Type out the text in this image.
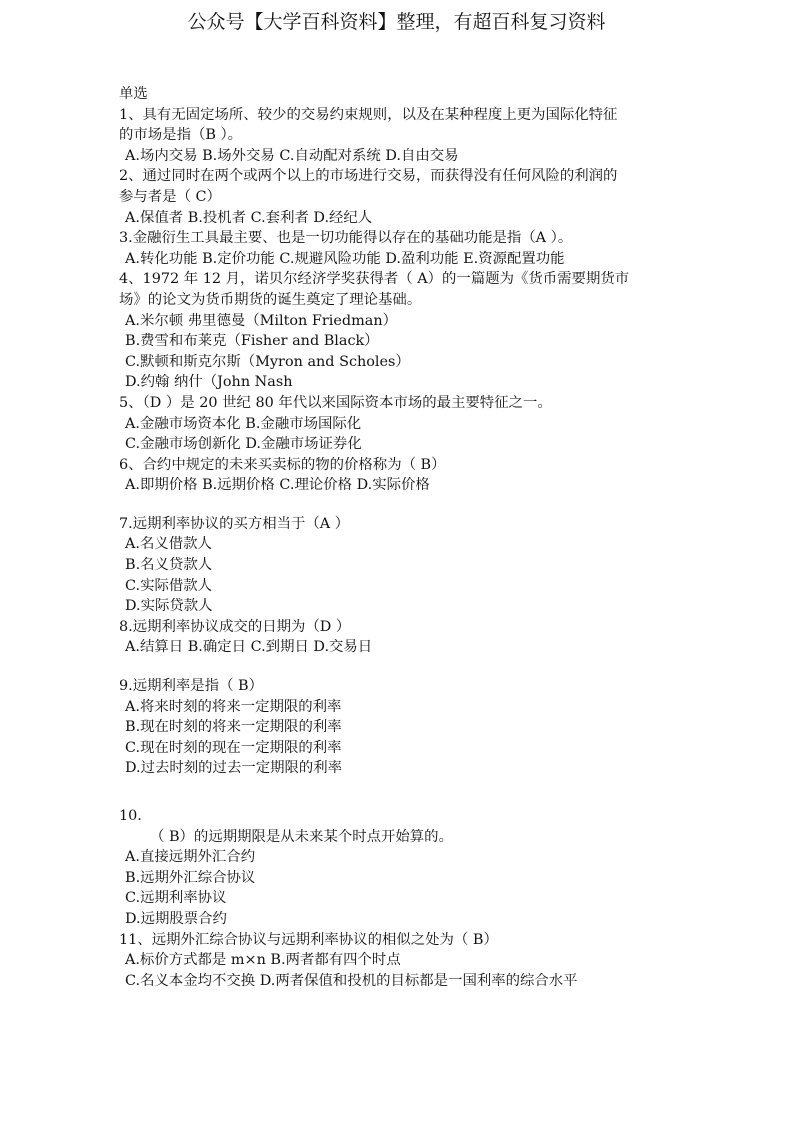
公众号【大学百科资料】整理，有超百科复习资料
单选
1、具有无固定场所、较少的交易约束规则，以及在某种程度上更为国际化特征
的市场是指（B ）。
A.场内交易 B.场外交易 C.自动配对系统 D.自由交易
2、通过同时在两个或两个以上的市场进行交易，而获得没有任何风险的利润的
参与者是（ C）
A.保值者 B.投机者 C.套利者 D.经纪人
3.金融衍生工具最主要、也是一切功能得以存在的基础功能是指（A ）。
A.转化功能 B.定价功能 C.规避风险功能 D.盈利功能 E.资源配置功能
4、1972 年 12 月，诺贝尔经济学奖获得者（ A）的一篇题为《货币需要期货市
场》的论文为货币期货的诞生奠定了理论基础。
A.米尔顿 弗里德曼（Milton Friedman）
B.费雪和布莱克（Fisher and Black）
C.默顿和斯克尔斯（Myron and Scholes）
D.约翰 纳什（John Nash
5、（D ）是 20 世纪 80 年代以来国际资本市场的最主要特征之一。
A.金融市场资本化 B.金融市场国际化
C.金融市场创新化 D.金融市场证券化
6、合约中规定的未来买卖标的物的价格称为（ B）
A.即期价格 B.远期价格 C.理论价格 D.实际价格
7.远期利率协议的买方相当于（A ）
A.名义借款人
B.名义贷款人
C.实际借款人
D.实际贷款人
8.远期利率协议成交的日期为（D ）
A.结算日 B.确定日 C.到期日 D.交易日
9.远期利率是指（ B）
A.将来时刻的将来一定期限的利率
B.现在时刻的将来一定期限的利率
C.现在时刻的现在一定期限的利率
D.过去时刻的过去一定期限的利率
10.
（ B）的远期期限是从未来某个时点开始算的。
A.直接远期外汇合约
B.远期外汇综合协议
C.远期利率协议
D.远期股票合约
11、远期外汇综合协议与远期利率协议的相似之处为（ B）
A.标价方式都是 m×n B.两者都有四个时点
C.名义本金均不交换 D.两者保值和投机的目标都是一国利率的综合水平
